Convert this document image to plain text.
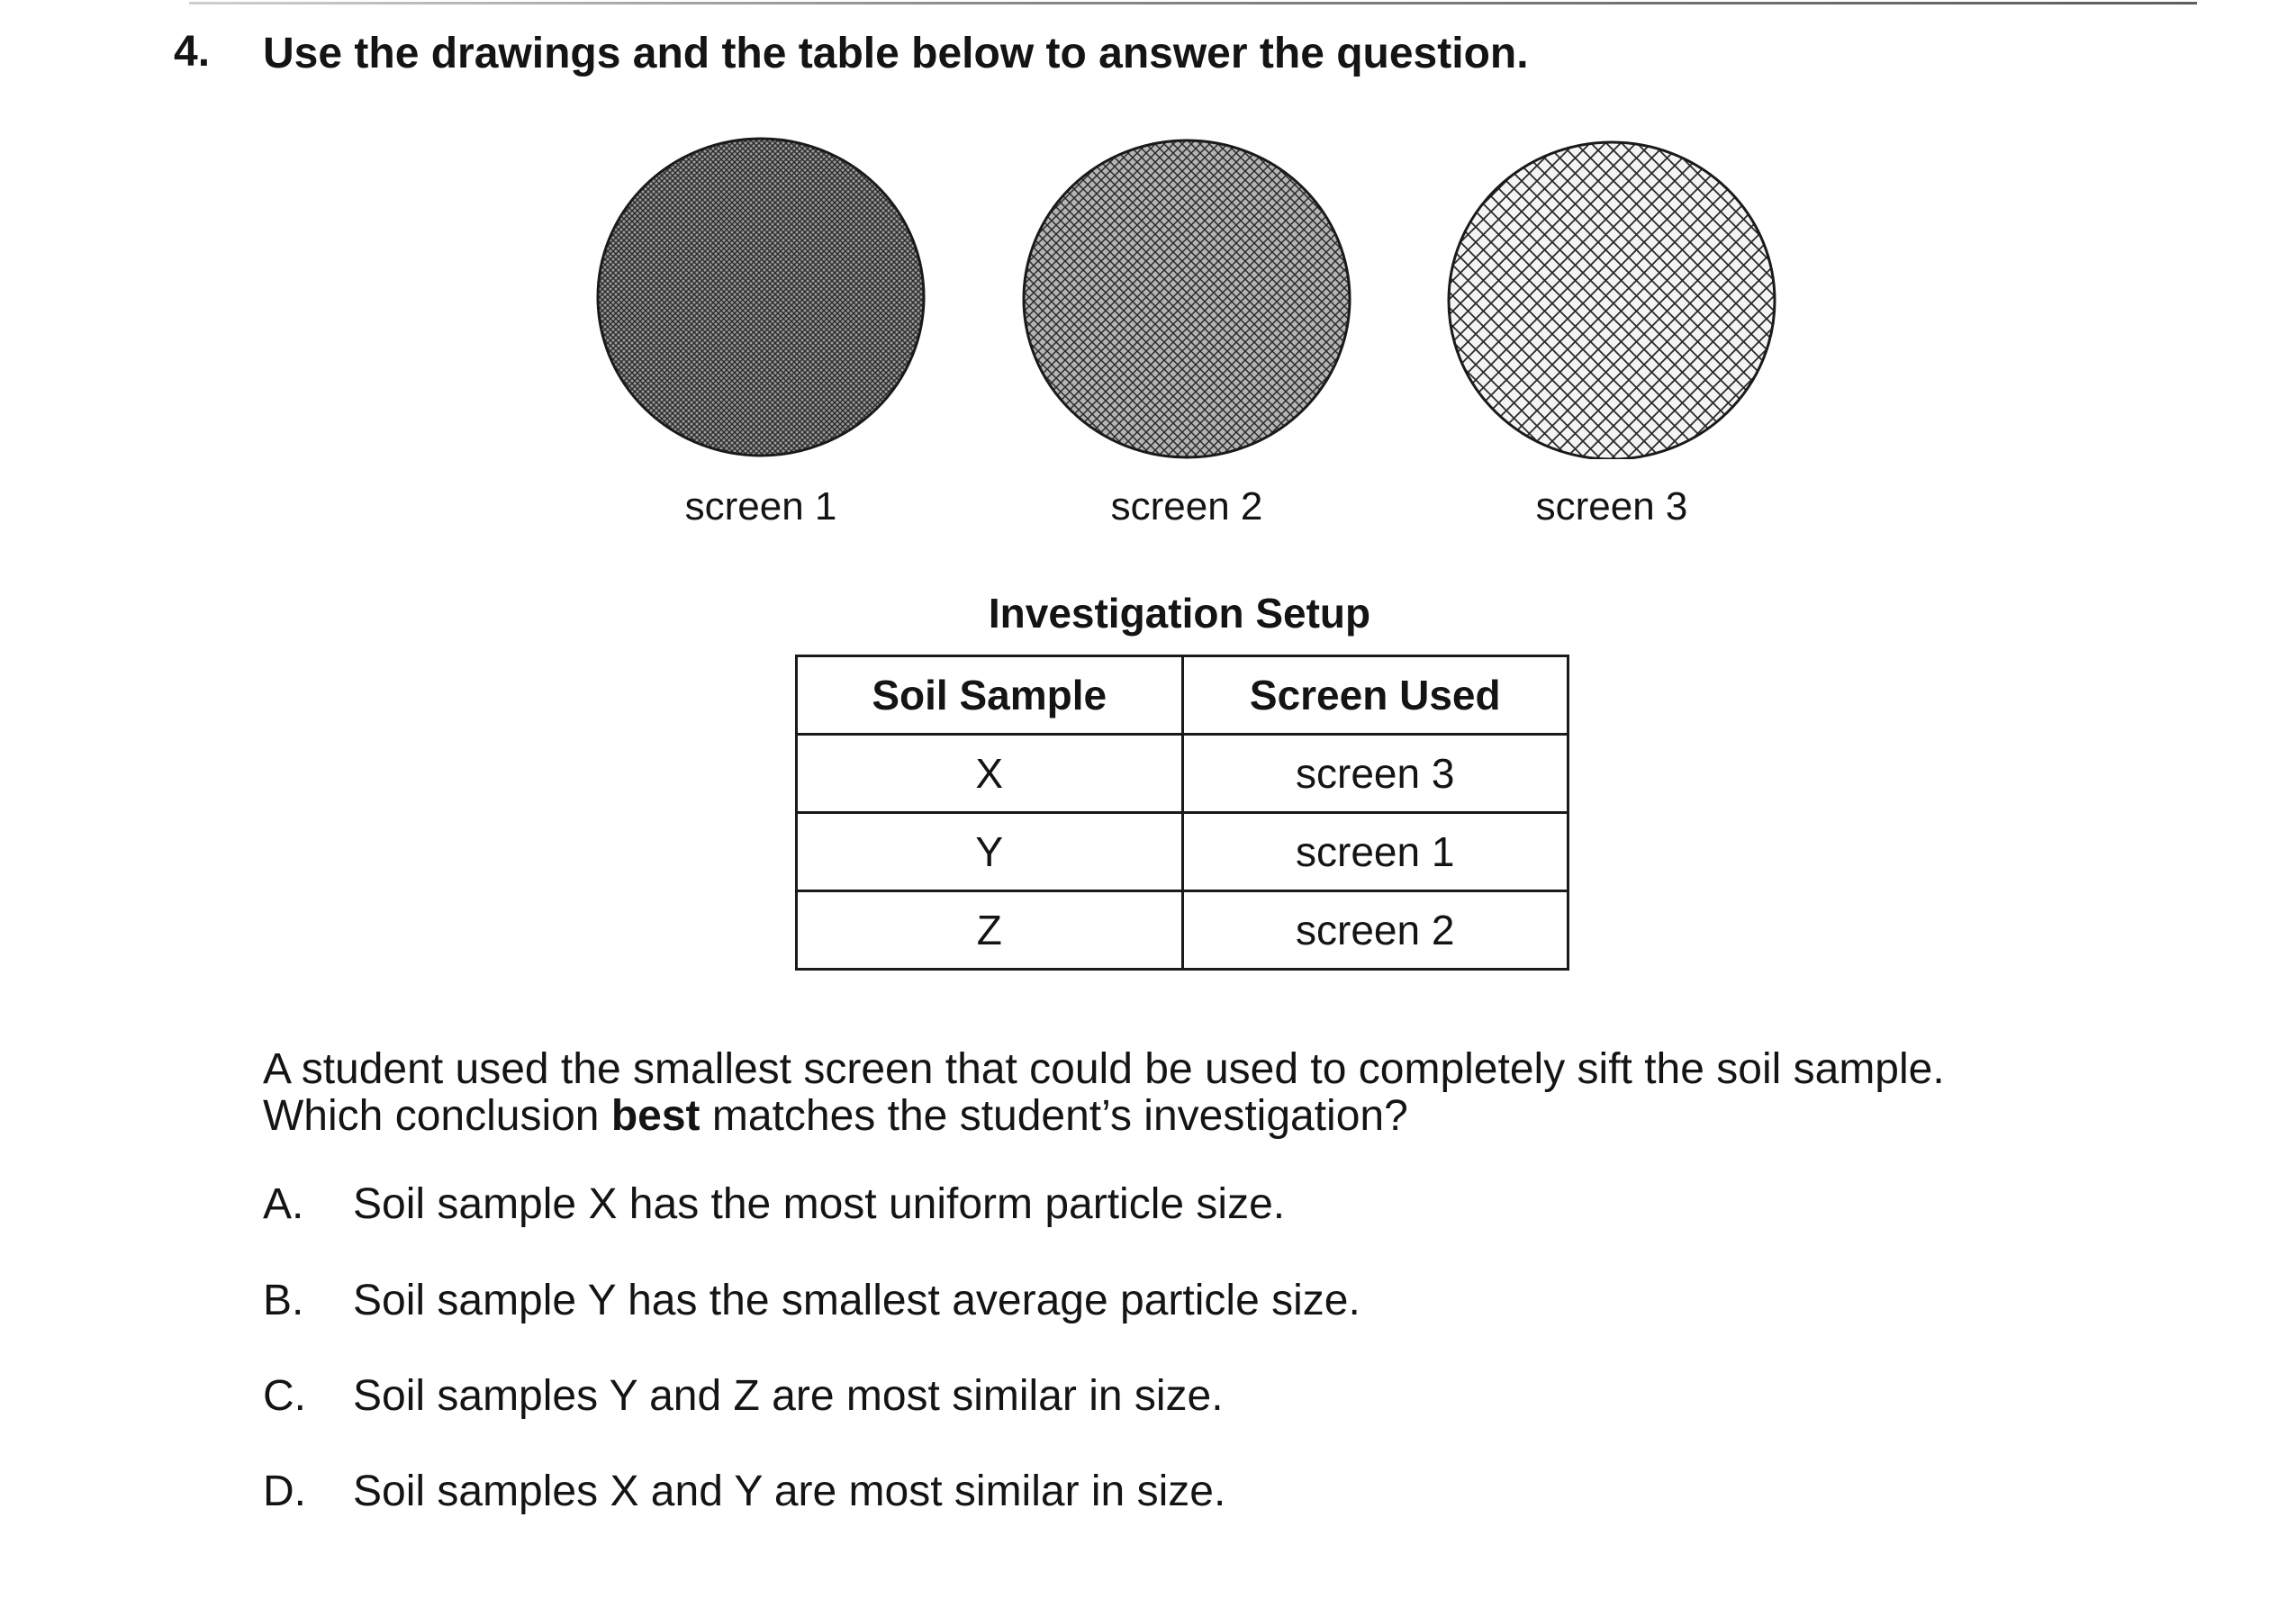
4. Use the drawings and the table below to answer the question.
screen 1	screen 2	screen 3
Investigation Setup
Soil Sample	Screen Used
X	screen 3
Y	screen 1
Z	screen 2
A student used the smallest screen that could be used to completely sift the soil sample.
Which conclusion best matches the student’s investigation?
A. Soil sample X has the most uniform particle size.
B. Soil sample Y has the smallest average particle size.
C. Soil samples Y and Z are most similar in size.
D. Soil samples X and Y are most similar in size.
